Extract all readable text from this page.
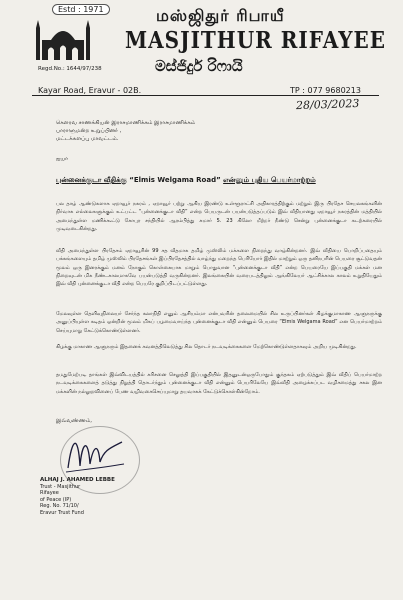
Estd : 1971
Regd.No.: 1644/97/238
மஸ்ஜிதுர் ரிபாயீ
MASJITHUR RIFAYEE
මස්ජිදුර් රිෆායි
Kayar Road, Eravur - 02B.	TP : 077 9680213
28/03/2023
கௌரவ சாணக்கியன் இராசமாணிக்கம் இராசமாணிக்கம்
பாராளுமன்ற உறுப்பினர் ,
மட்டக்களப்பு மாவட்டம்.
ஐயா
புன்னைக்குடா வீதிக்கு “Elmis Welgama Road” என்னும் புதிய பெயர்மாற்றம்

பல தாழ் ஆண்டுகளாக ஏறாவூர் நகரம் , ஏறாவூர் பற்று ஆகிய இரண்டு உள்ளூராட்சி அதிகாரத்திற்கும் மற்றும் இரு பிரதேச செயலகங்களின் நிர்வாக எல்லைகளுக்கும் உட்பட்ட “புன்னைக்குடா வீதி” என்ற பெயருடன் பயன்படுத்தப்படும் இவ் வீதியானது ஏறாவூர் நகரத்தின் மத்தியில் அமைந்துள்ள மணிக்கூட்டு கோபுர சந்தியில் ஆரம்பித்து சுமார் 5. 23 கிலோ மீற்றர் நீண்டு சென்று புன்னைக்குடா கடற்கரையில் முடிவடைகின்றது.

வீதி அமைந்துள்ள பிரதேசம் ஏறாவூரின் 99 சத வீதமாக தமிழ் முஸ்லிம் மக்களை நிறைந்து வாழ்கின்றனர். இவ் வீதியை பொறிப்பதையும் பக்கங்களையும் தமிழ் முஸ்லிம் பிரதேசங்கள் இப்பிரதேசத்தில் வாழ்ந்து மறைந்த பெரியோர் இதில் மாற்றும் ஒரு தனிநபரின் பெயரை சூட்டுவதன் மூலம் ஒரு இனரக்கும் மனம் நோகும் கொள்கையாக மாறும் பொதுவான “புன்னைக்குடா வீதி” என்ற பெயரையே இப்பகுதி மக்கள் மன நிறைவுடன் மிக நீண்டகாலமாகவே பயன்படுத்தி வருகின்றனர். இலங்கையின் வரைபடத்திலும் ஆங்கிலேயர் ஆட்சிக்கால காலம் உறுதியேதும் இவ் வீதி புன்னைக்குடா வீதி என்ற பெயரே குறிப்பிடப்பட்டுள்ளது.

மேலவுள்ள தெளிவுநிலையர் சேர்ந்த கலாநிதி எனும் ஆசியம்மா என்பவரின் தலைமையில் சில உருப்பினர்கள் கிழக்குமாகாண ஆளுநருக்கு அனுப்பியுள்ள கடிதம் ஒன்றின் மூலம் மிகப் பழமைவாய்ந்த புன்னைக்குடா வீதி என்னும் பெயரை “Elmis Welgama Road” என பெயர்மாற்றம் செய்யுமாறு கேட்டுக்கொண்டுள்ளனர்.

கிழக்கு மாகாண ஆளுநரும் இதனைக் கவனத்திலெடுத்து சில தொடர் நடவடிக்கைகளை மேற்கொண்டுள்ளதாகவும் அறிய முடிகின்றது.

தமதுமேற்படி தாங்கள் இவ்விடயத்தில் கரிசனை செலுத்தி இப்பகுதியில் இதனுடன்ஒருபோதும் குந்தகம் ஏற்படுத்தும் இவ் வீதிப் பெயர்மாற்ற நடவடிக்கைகளைத் தடுத்து நிறுத்தி தொடர்ந்தும் புன்னைக்குடா வீதி என்னும் பெயரிலேயே இவ்வீதி அழைக்கப்பட வழிசமைத்து சகல இன மக்களின் நல்லுறவினைப் பேண வழிவகைசெய்யுமாறு தயவாகக் கேட்டுக்கொள்கின்றோம்.

இவ்வண்ணம்,
ALHAJ J. AHAMED LEBBE
Trust - Masjithur
Rifayee
of Peace (IP)
Reg. No. 71/10/
Eravur Trust Fund
